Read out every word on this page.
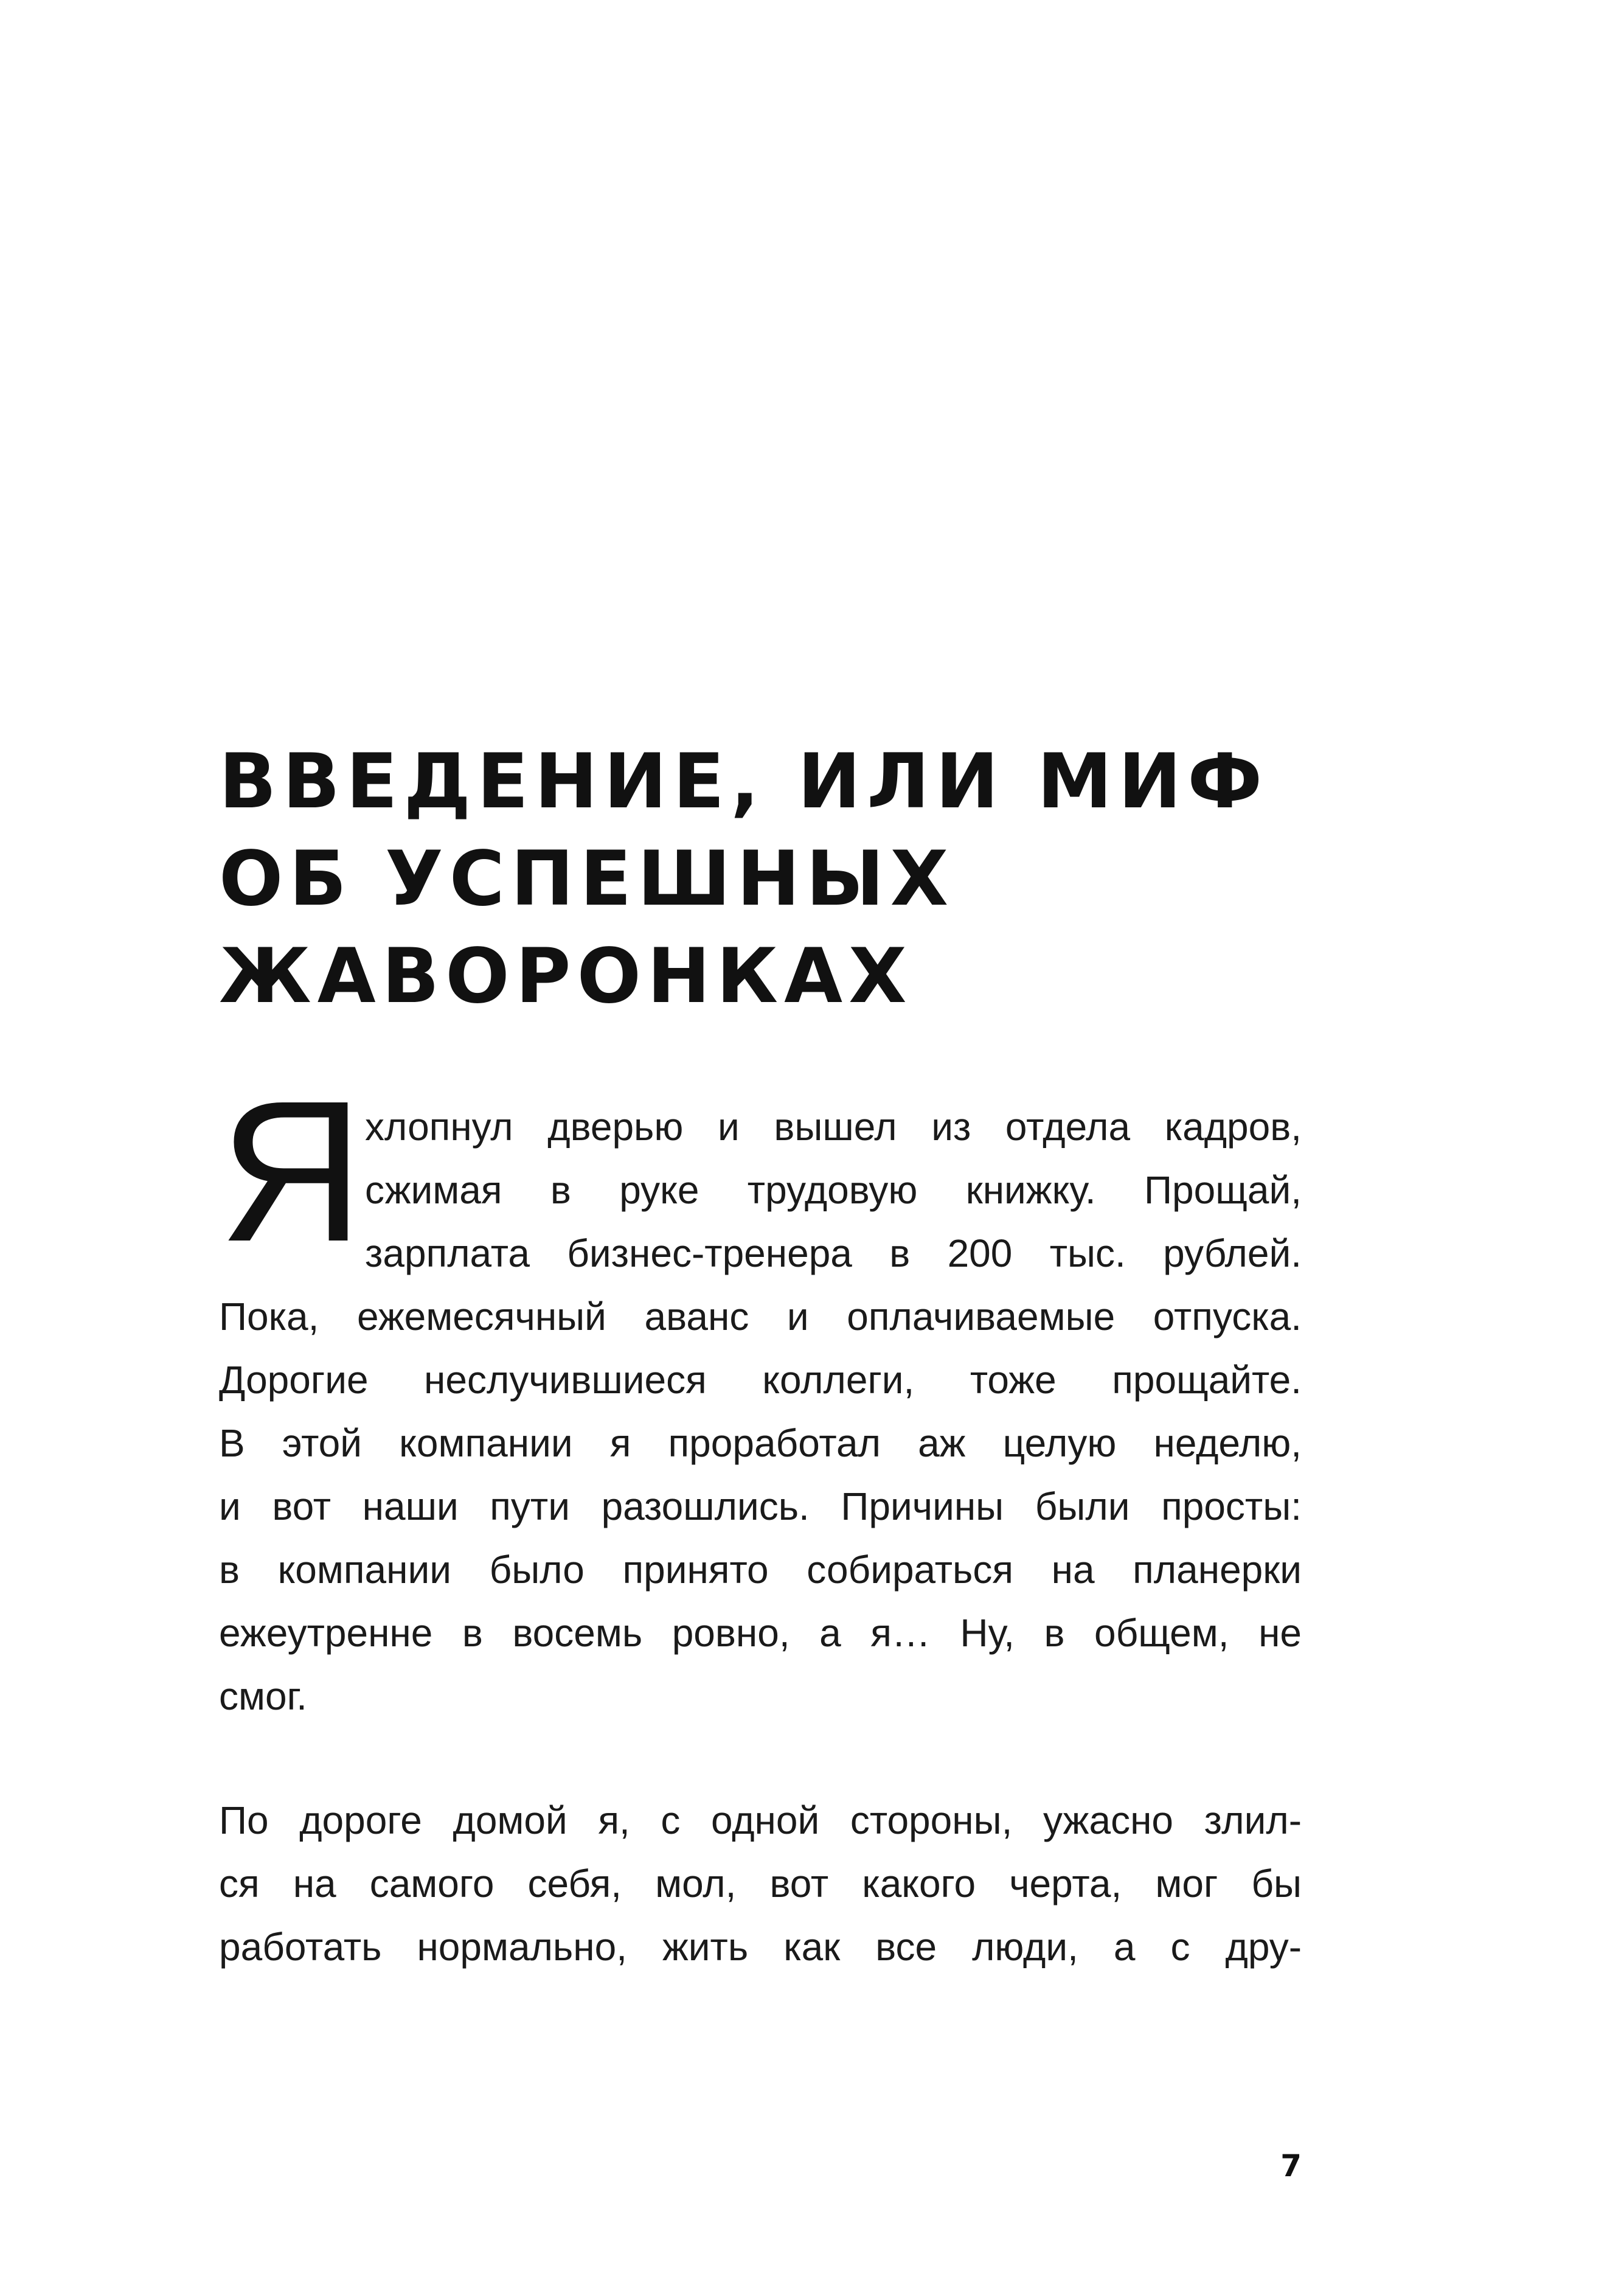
ВВЕДЕНИЕ, ИЛИ МИФ
ОБ УСПЕШНЫХ
ЖАВОРОНКАХ
Я хлопнул дверью и вышел из отдела кадров,
сжимая в руке трудовую книжку. Прощай,
зарплата бизнес-тренера в 200 тыс. рублей.
Пока, ежемесячный аванс и оплачиваемые отпуска.
Дорогие неслучившиеся коллеги, тоже прощайте.
В этой компании я проработал аж целую неделю,
и вот наши пути разошлись. Причины были просты:
в компании было принято собираться на планерки
ежеутренне в восемь ровно, а я… Ну, в общем, не
смог.
По дороге домой я, с одной стороны, ужасно злил-
ся на самого себя, мол, вот какого черта, мог бы
работать нормально, жить как все люди, а с дру-
7
